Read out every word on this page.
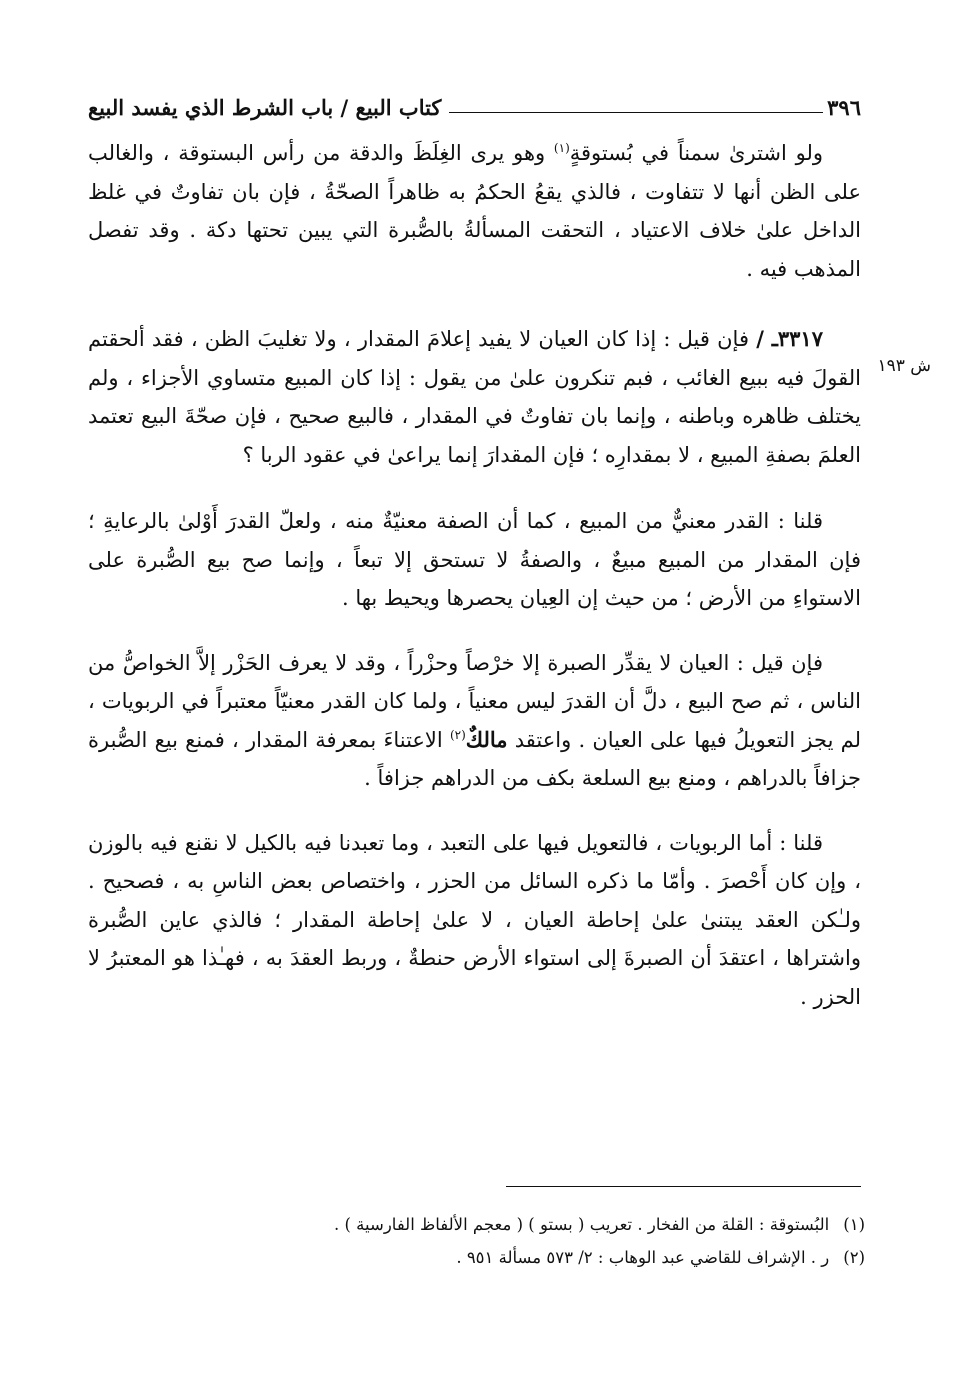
٣٩٦
كتاب البيع / باب الشرط الذي يفسد البيع
ش ١٩٣

ولو اشترىٰ سمناً في بُستوقةٍ$^{(١)}$ وهو يرى الغِلَظَ والدقة من رأس البستوقة ، والغالب على الظن أنها لا تتفاوت ، فالذي يقعُ الحكمُ به ظاهراً الصحّةُ ، فإن بان تفاوتٌ في غلظ الداخل علىٰ خلاف الاعتياد ، التحقت المسألةُ بالصُّبرة التي يبين تحتها دكة . وقد تفصل المذهب فيه .

٣٣١٧ـ / فإن قيل : إذا كان العيان لا يفيد إعلامَ المقدار ، ولا تغليبَ الظن ، فقد ألحقتم القولَ فيه ببيع الغائب ، فبم تنكرون علىٰ من يقول : إذا كان المبيع متساوي الأجزاء ، ولم يختلف ظاهره وباطنه ، وإنما بان تفاوتٌ في المقدار ، فالبيع صحيح ، فإن صحّةَ البيع تعتمد العلمَ بصفةِ المبيع ، لا بمقدارِه ؛ فإن المقدارَ إنما يراعىٰ في عقود الربا ؟

قلنا : القدر معنيٌّ من المبيع ، كما أن الصفة معنيّةٌ منه ، ولعلّ القدرَ أَوْلىٰ بالرعايةِ ؛ فإن المقدار من المبيع مبيعٌ ، والصفةُ لا تستحق إلا تبعاً ، وإنما صح بيع الصُّبرة على الاستواءِ من الأرض ؛ من حيث إن العِيان يحصرها ويحيط بها .

فإن قيل : العيان لا يقدِّر الصبرة إلا خرْصاً وحزْراً ، وقد لا يعرف الحَزْر إلاَّ الخواصُّ من الناس ، ثم صح البيع ، دلَّ أن القدرَ ليس معنياً ، ولما كان القدر معنيّاً معتبراً في الربويات ، لم يجز التعويلُ فيها على العيان . واعتقد مالكٌ$^{(٢)}$ الاعتناءَ بمعرفة المقدار ، فمنع بيع الصُّبرة جزافاً بالدراهم ، ومنع بيع السلعة بكف من الدراهم جزافاً .

قلنا : أما الربويات ، فالتعويل فيها على التعبد ، وما تعبدنا فيه بالكيل لا نقنع فيه بالوزن ، وإن كان أَحْصرَ . وأمّا ما ذكره السائل من الحزر ، واختصاص بعض الناسِ به ، فصحيح . ولـٰكن العقد يبتنىٰ علىٰ إحاطة العيان ، لا علىٰ إحاطة المقدار ؛ فالذي عاين الصُّبرة واشتراها ، اعتقدَ أن الصبرةَ إلى استواء الأرض حنطةٌ ، وربط العقدَ به ، فهـٰذا هو المعتبرُ لا الحزر .

(١)
البُستوقة : القلة من الفخار . تعريب ( بستو ) ( معجم الألفاظ الفارسية ) .
(٢)
ر . الإشراف للقاضي عبد الوهاب : ٢/ ٥٧٣ مسألة ٩٥١ .
